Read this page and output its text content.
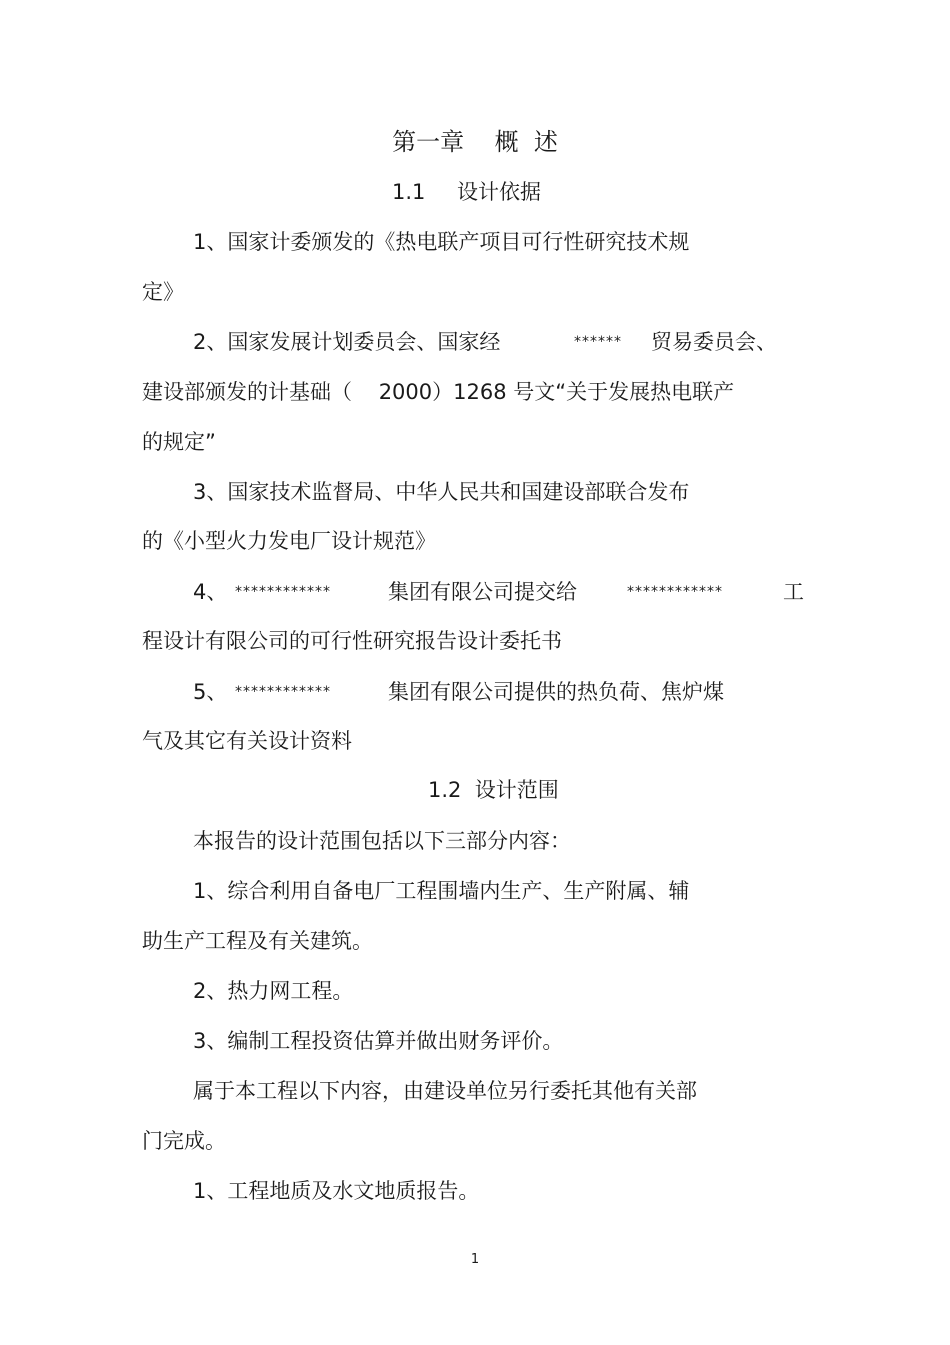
第一章    概  述
1.1 设计依据
1、国家计委颁发的《热电联产项目可行性研究技术规
定》
2、国家发展计划委员会、国家经	****** 贸易委员会、
建设部颁发的计基础（    2000）1268 号文“关于发展热电联产
的规定”
3、国家技术监督局、中华人民共和国建设部联合发布
的《小型火力发电厂设计规范》
4、 ************	集团有限公司提交给	************	工
程设计有限公司的可行性研究报告设计委托书
5、 ************	集团有限公司提供的热负荷、焦炉煤
气及其它有关设计资料
1.2  设计范围
本报告的设计范围包括以下三部分内容：
1、综合利用自备电厂工程围墙内生产、生产附属、辅
助生产工程及有关建筑。
2、热力网工程。
3、编制工程投资估算并做出财务评价。
属于本工程以下内容，由建设单位另行委托其他有关部
门完成。
1、工程地质及水文地质报告。
1
